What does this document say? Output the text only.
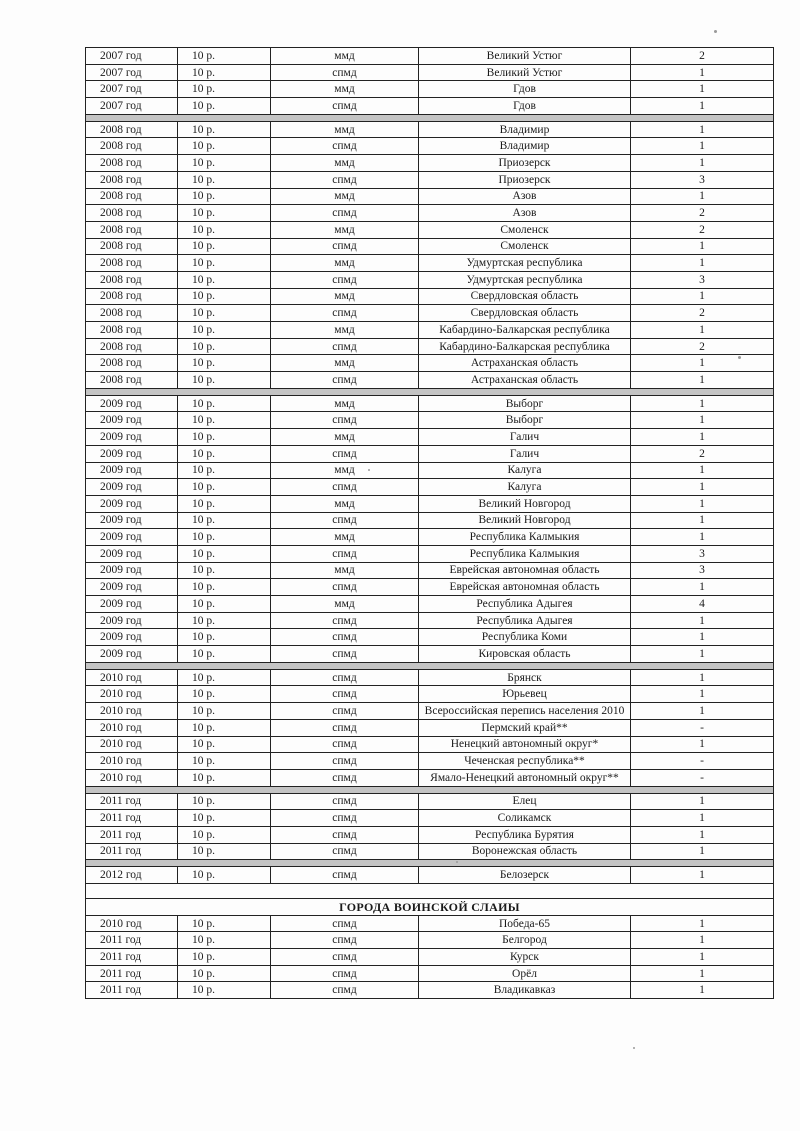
2007 год	10 р.	ммд	Великий Устюг	2
2007 год	10 р.	спмд	Великий Устюг	1
2007 год	10 р.	ммд	Гдов	1
2007 год	10 р.	спмд	Гдов	1

2008 год	10 р.	ммд	Владимир	1
2008 год	10 р.	спмд	Владимир	1
2008 год	10 р.	ммд	Приозерск	1
2008 год	10 р.	спмд	Приозерск	3
2008 год	10 р.	ммд	Азов	1
2008 год	10 р.	спмд	Азов	2
2008 год	10 р.	ммд	Смоленск	2
2008 год	10 р.	спмд	Смоленск	1
2008 год	10 р.	ммд	Удмуртская республика	1
2008 год	10 р.	спмд	Удмуртская республика	3
2008 год	10 р.	ммд	Свердловская область	1
2008 год	10 р.	спмд	Свердловская область	2
2008 год	10 р.	ммд	Кабардино-Балкарская республика	1
2008 год	10 р.	спмд	Кабардино-Балкарская республика	2
2008 год	10 р.	ммд	Астраханская область	1
2008 год	10 р.	спмд	Астраханская область	1

2009 год	10 р.	ммд	Выборг	1
2009 год	10 р.	спмд	Выборг	1
2009 год	10 р.	ммд	Галич	1
2009 год	10 р.	спмд	Галич	2
2009 год	10 р.	ммд	Калуга	1
2009 год	10 р.	спмд	Калуга	1
2009 год	10 р.	ммд	Великий Новгород	1
2009 год	10 р.	спмд	Великий Новгород	1
2009 год	10 р.	ммд	Республика Калмыкия	1
2009 год	10 р.	спмд	Республика Калмыкия	3
2009 год	10 р.	ммд	Еврейская автономная область	3
2009 год	10 р.	спмд	Еврейская автономная область	1
2009 год	10 р.	ммд	Республика Адыгея	4
2009 год	10 р.	спмд	Республика Адыгея	1
2009 год	10 р.	спмд	Республика Коми	1
2009 год	10 р.	спмд	Кировская область	1

2010 год	10 р.	спмд	Брянск	1
2010 год	10 р.	спмд	Юрьевец	1
2010 год	10 р.	спмд	Всероссийская перепись населения 2010	1
2010 год	10 р.	спмд	Пермский край**	-
2010 год	10 р.	спмд	Ненецкий автономный округ*	1
2010 год	10 р.	спмд	Чеченская республика**	-
2010 год	10 р.	спмд	Ямало-Ненецкий автономный округ**	-

2011 год	10 р.	спмд	Елец	1
2011 год	10 р.	спмд	Соликамск	1
2011 год	10 р.	спмд	Республика Бурятия	1
2011 год	10 р.	спмд	Воронежская область	1

2012 год	10 р.	спмд	Белозерск	1

ГОРОДА ВОИНСКОЙ СЛАИЫ				
2010 год	10 р.	спмд	Победа-65	1
2011 год	10 р.	спмд	Белгород	1
2011 год	10 р.	спмд	Курск	1
2011 год	10 р.	спмд	Орёл	1
2011 год	10 р.	спмд	Владикавказ	1
